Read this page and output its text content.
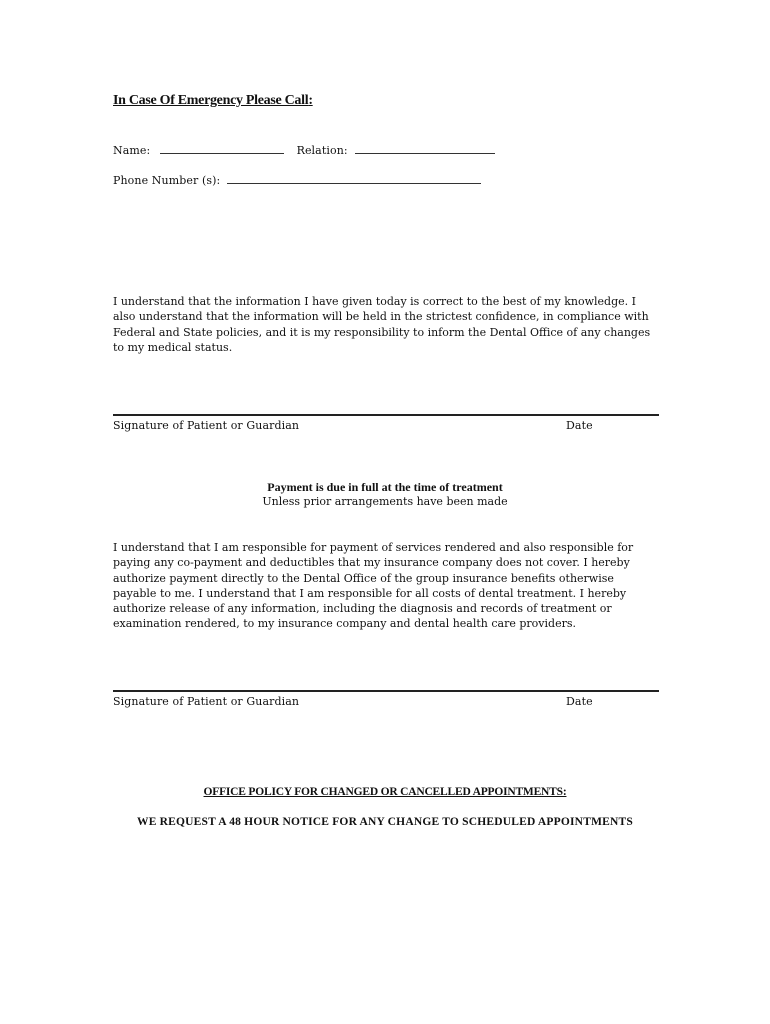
In Case Of Emergency Please Call:
Name:	Relation:
Phone Number (s):
I understand that the information I have given today is correct to the best of my knowledge. I also understand that the information will be held in the strictest confidence, in compliance with Federal and State policies, and it is my responsibility to inform the Dental Office of any changes to my medical status.
Signature of Patient or Guardian	Date
Payment is due in full at the time of treatment
Unless prior arrangements have been made
I understand that I am responsible for payment of services rendered and also responsible for paying any co-payment and deductibles that my insurance company does not cover. I hereby authorize payment directly to the Dental Office of the group insurance benefits otherwise payable to me. I understand that I am responsible for all costs of dental treatment. I hereby authorize release of any information, including the diagnosis and records of treatment or examination rendered, to my insurance company and dental health care providers.
Signature of Patient or Guardian	Date
OFFICE POLICY FOR CHANGED OR CANCELLED APPOINTMENTS:
WE REQUEST A 48 HOUR NOTICE FOR ANY CHANGE TO SCHEDULED APPOINTMENTS
